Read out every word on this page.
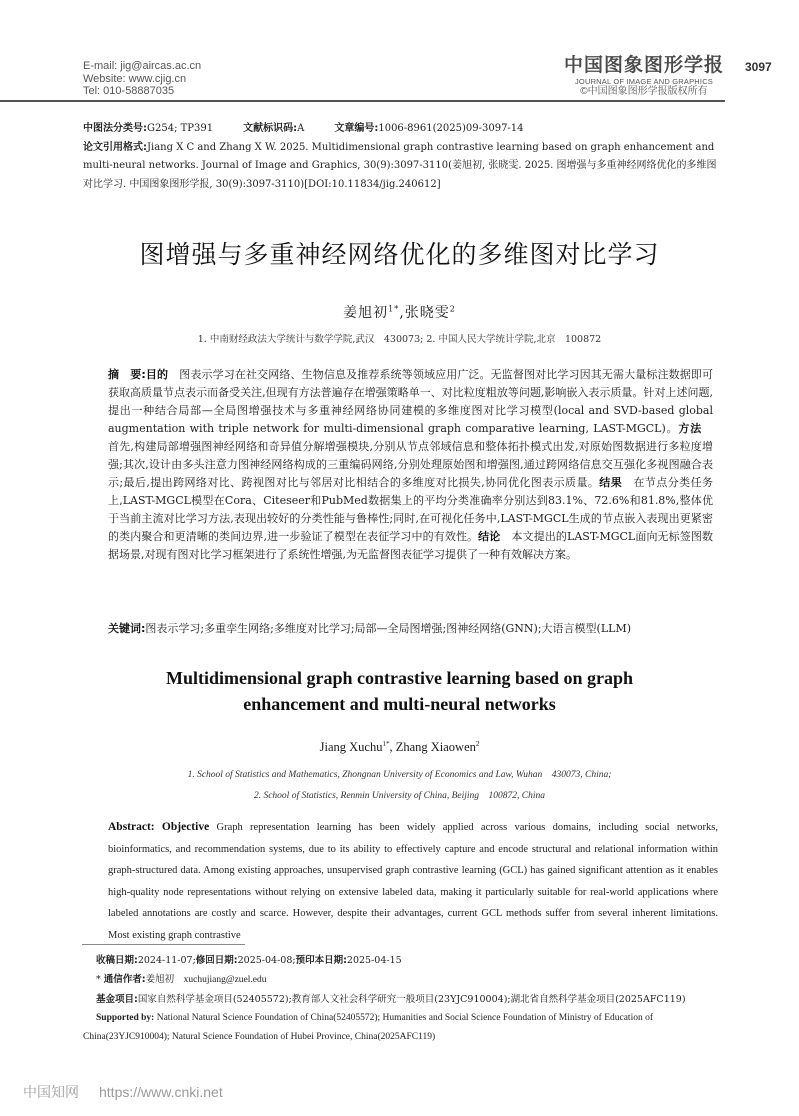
E-mail: jig@aircas.ac.cn
Website: www.cjig.cn
Tel: 010-58887035
中国图象图形学报
JOURNAL OF IMAGE AND GRAPHICS
©中国图象图形学报版权所有
3097
中图法分类号:G254; TP391	文献标识码:A	文章编号:1006-8961(2025)09-3097-14
论文引用格式:Jiang X C and Zhang X W. 2025. Multidimensional graph contrastive learning based on graph enhancement and multi-neural networks. Journal of Image and Graphics, 30(9):3097-3110(姜旭初, 张晓雯. 2025. 图增强与多重神经网络优化的多维图对比学习. 中国图象图形学报, 30(9):3097-3110)[DOI:10.11834/jig.240612]
图增强与多重神经网络优化的多维图对比学习
姜旭初$^{1*}$,张晓雯$^2$
1. 中南财经政法大学统计与数学学院,武汉　430073; 2. 中国人民大学统计学院,北京　100872
摘　要:目的   图表示学习在社交网络、生物信息及推荐系统等领域应用广泛。无监督图对比学习因其无需大量标注数据即可获取高质量节点表示而备受关注,但现有方法普遍存在增强策略单一、对比粒度粗放等问题,影响嵌入表示质量。针对上述问题,提出一种结合局部—全局图增强技术与多重神经网络协同建模的多维度图对比学习模型(local and SVD-based global augmentation with triple network for multi-dimensional graph comparative learning, LAST-MGCL)。方法  首先,构建局部增强图神经网络和奇异值分解增强模块,分别从节点邻域信息和整体拓扑模式出发,对原始图数据进行多粒度增强;其次,设计由多头注意力图神经网络构成的三重编码网络,分别处理原始图和增强图,通过跨网络信息交互强化多视图融合表示;最后,提出跨网络对比、跨视图对比与邻居对比相结合的多维度对比损失,协同优化图表示质量。结果   在节点分类任务上,LAST-MGCL模型在Cora、Citeseer和PubMed数据集上的平均分类准确率分别达到83.1%、72.6%和81.8%,整体优于当前主流对比学习方法,表现出较好的分类性能与鲁棒性;同时,在可视化任务中,LAST-MGCL生成的节点嵌入表现出更紧密的类内聚合和更清晰的类间边界,进一步验证了模型在表征学习中的有效性。结论   本文提出的LAST-MGCL面向无标签图数据场景,对现有图对比学习框架进行了系统性增强,为无监督图表征学习提供了一种有效解决方案。
关键词:图表示学习;多重孪生网络;多维度对比学习;局部—全局图增强;图神经网络(GNN);大语言模型(LLM)
Multidimensional graph contrastive learning based on graph
enhancement and multi-neural networks
Jiang Xuchu$^{1*}$, Zhang Xiaowen$^2$
1. School of Statistics and Mathematics, Zhongnan University of Economics and Law, Wuhan　430073, China;
2. School of Statistics, Renmin University of China, Beijing　100872, China
Abstract: Objective Graph representation learning has been widely applied across various domains, including social networks, bioinformatics, and recommendation systems, due to its ability to effectively capture and encode structural and relational information within graph-structured data. Among existing approaches, unsupervised graph contrastive learning (GCL) has gained significant attention as it enables high-quality node representations without relying on extensive labeled data, making it particularly suitable for real-world applications where labeled annotations are costly and scarce. However, despite their advantages, current GCL methods suffer from several inherent limitations. Most existing graph contrastive
收稿日期:2024-11-07;修回日期:2025-04-08;预印本日期:2025-04-15
* 通信作者:姜旭初  xuchujiang@zuel.edu
基金项目:国家自然科学基金项目(52405572);教育部人文社会科学研究一般项目(23YJC910004);湖北省自然科学基金项目(2025AFC119)
Supported by: National Natural Science Foundation of China(52405572); Humanities and Social Science Foundation of Ministry of Education of China(23YJC910004); Natural Science Foundation of Hubei Province, China(2025AFC119)
中国知网 https://www.cnki.net
